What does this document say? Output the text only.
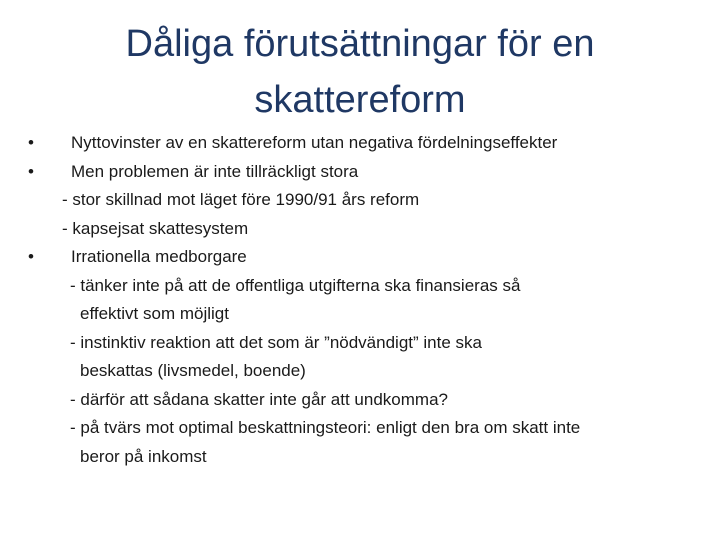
Dåliga förutsättningar för en
skattereform
•	Nyttovinster av en skattereform utan negativa fördelningseffekter
•	Men problemen är inte tillräckligt stora
- stor skillnad mot läget före 1990/91 års reform
- kapsejsat skattesystem
•	Irrationella medborgare
- tänker inte på att de offentliga utgifterna ska finansieras så
effektivt som möjligt
- instinktiv reaktion att det som är ”nödvändigt” inte ska
beskattas (livsmedel, boende)
- därför att sådana skatter inte går att undkomma?
- på tvärs mot optimal beskattningsteori: enligt den bra om skatt inte
beror på inkomst
